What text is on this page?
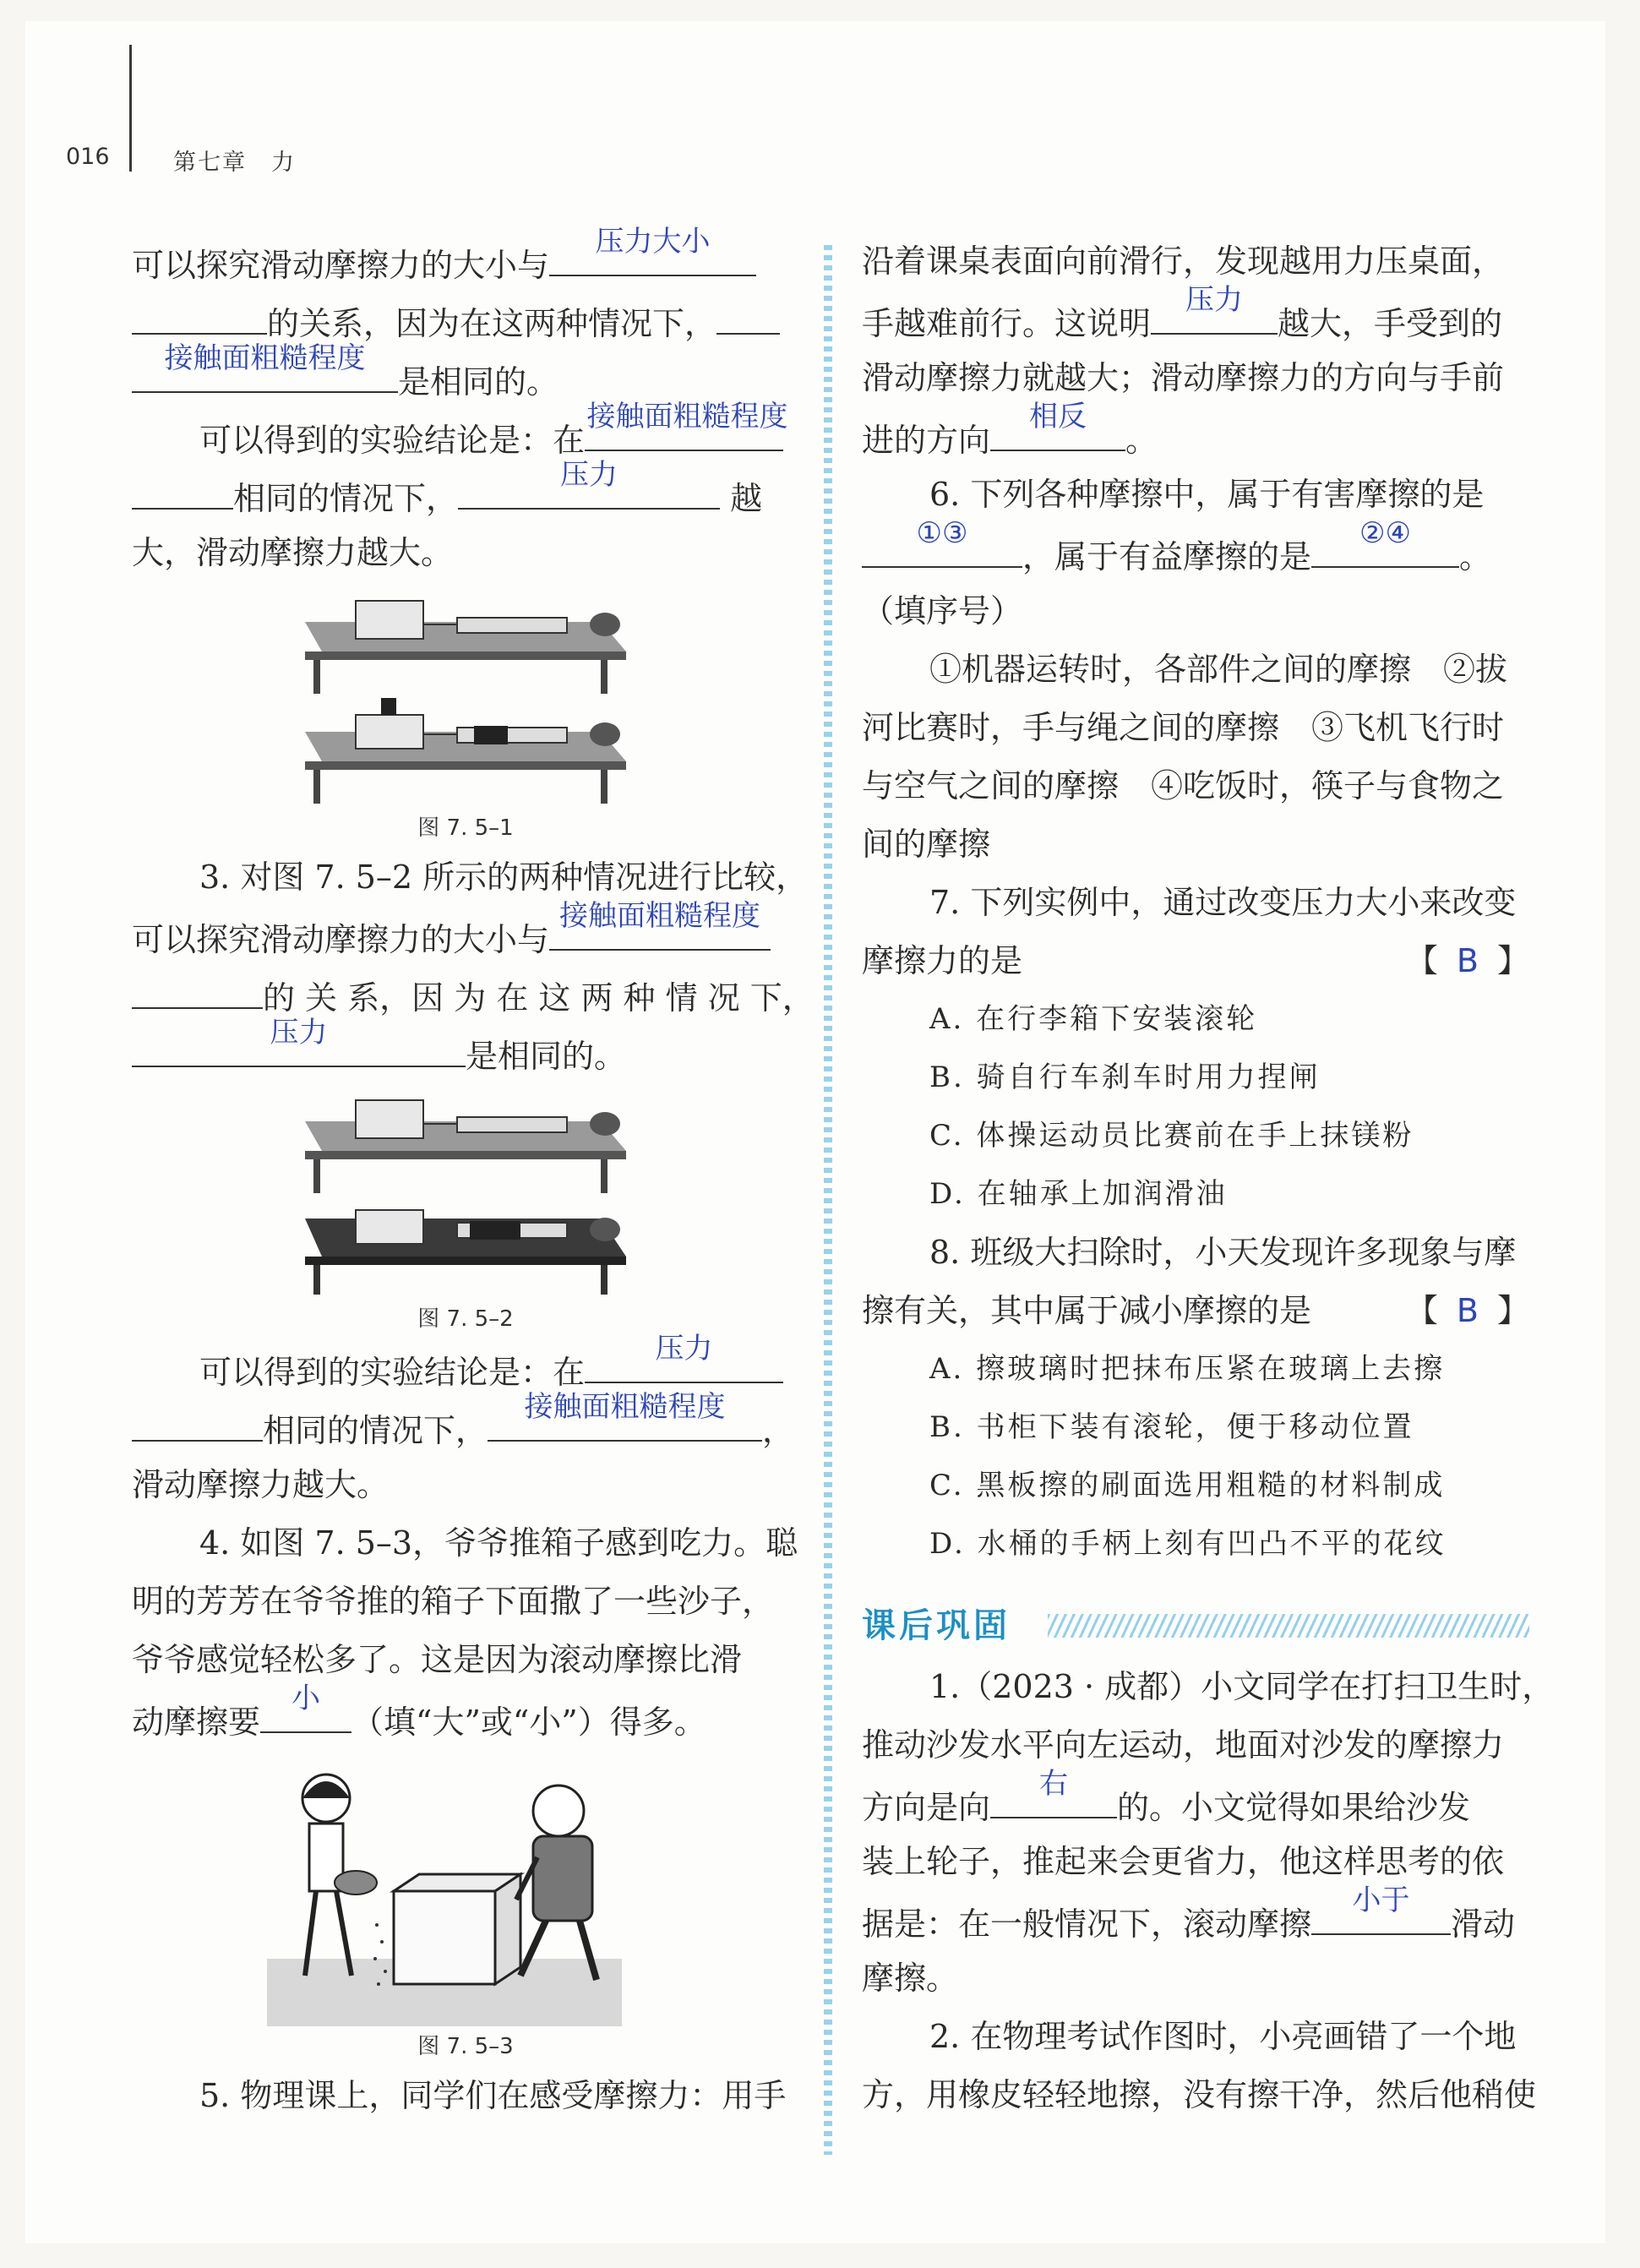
016	第七章　力
可以探究滑动摩擦力的大小与
压力大小
的关系，因为在这两种情况下，
接触面粗糙程度
是相同的。
可以得到的实验结论是：在
接触面粗糙程度
相同的情况下，
压力
越
大，滑动摩擦力越大。
图 7. 5–1
3. 对图 7. 5–2 所示的两种情况进行比较，
可以探究滑动摩擦力的大小与
接触面粗糙程度
的 关 系，因 为 在 这 两 种 情 况 下，
压力
是相同的。
图 7. 5–2
可以得到的实验结论是：在
压力
相同的情况下，
接触面粗糙程度
，
滑动摩擦力越大。
4. 如图 7. 5–3，爷爷推箱子感到吃力。聪
明的芳芳在爷爷推的箱子下面撒了一些沙子，
爷爷感觉轻松多了。这是因为滚动摩擦比滑
动摩擦要
小
（填“大”或“小”）得多。
图 7. 5–3
5. 物理课上，同学们在感受摩擦力：用手
沿着课桌表面向前滑行，发现越用力压桌面，
手越难前行。这说明
压力
越大，手受到的
滑动摩擦力就越大；滑动摩擦力的方向与手前
进的方向
相反
。
6. 下列各种摩擦中，属于有害摩擦的是
①③
，属于有益摩擦的是
②④
。
（填序号）
①机器运转时，各部件之间的摩擦　②拔
河比赛时，手与绳之间的摩擦　③飞机飞行时
与空气之间的摩擦　④吃饭时，筷子与食物之
间的摩擦
7. 下列实例中，通过改变压力大小来改变
摩擦力的是	【 B 】
A. 在行李箱下安装滚轮
B. 骑自行车刹车时用力捏闸
C. 体操运动员比赛前在手上抹镁粉
D. 在轴承上加润滑油
8. 班级大扫除时，小天发现许多现象与摩
擦有关，其中属于减小摩擦的是	【 B 】
A. 擦玻璃时把抹布压紧在玻璃上去擦
B. 书柜下装有滚轮，便于移动位置
C. 黑板擦的刷面选用粗糙的材料制成
D. 水桶的手柄上刻有凹凸不平的花纹
课后巩固
1.（2023 · 成都）小文同学在打扫卫生时，
推动沙发水平向左运动，地面对沙发的摩擦力
方向是向
右
的。小文觉得如果给沙发
装上轮子，推起来会更省力，他这样思考的依
据是：在一般情况下，滚动摩擦
小于
滑动
摩擦。
2. 在物理考试作图时，小亮画错了一个地
方，用橡皮轻轻地擦，没有擦干净，然后他稍使
